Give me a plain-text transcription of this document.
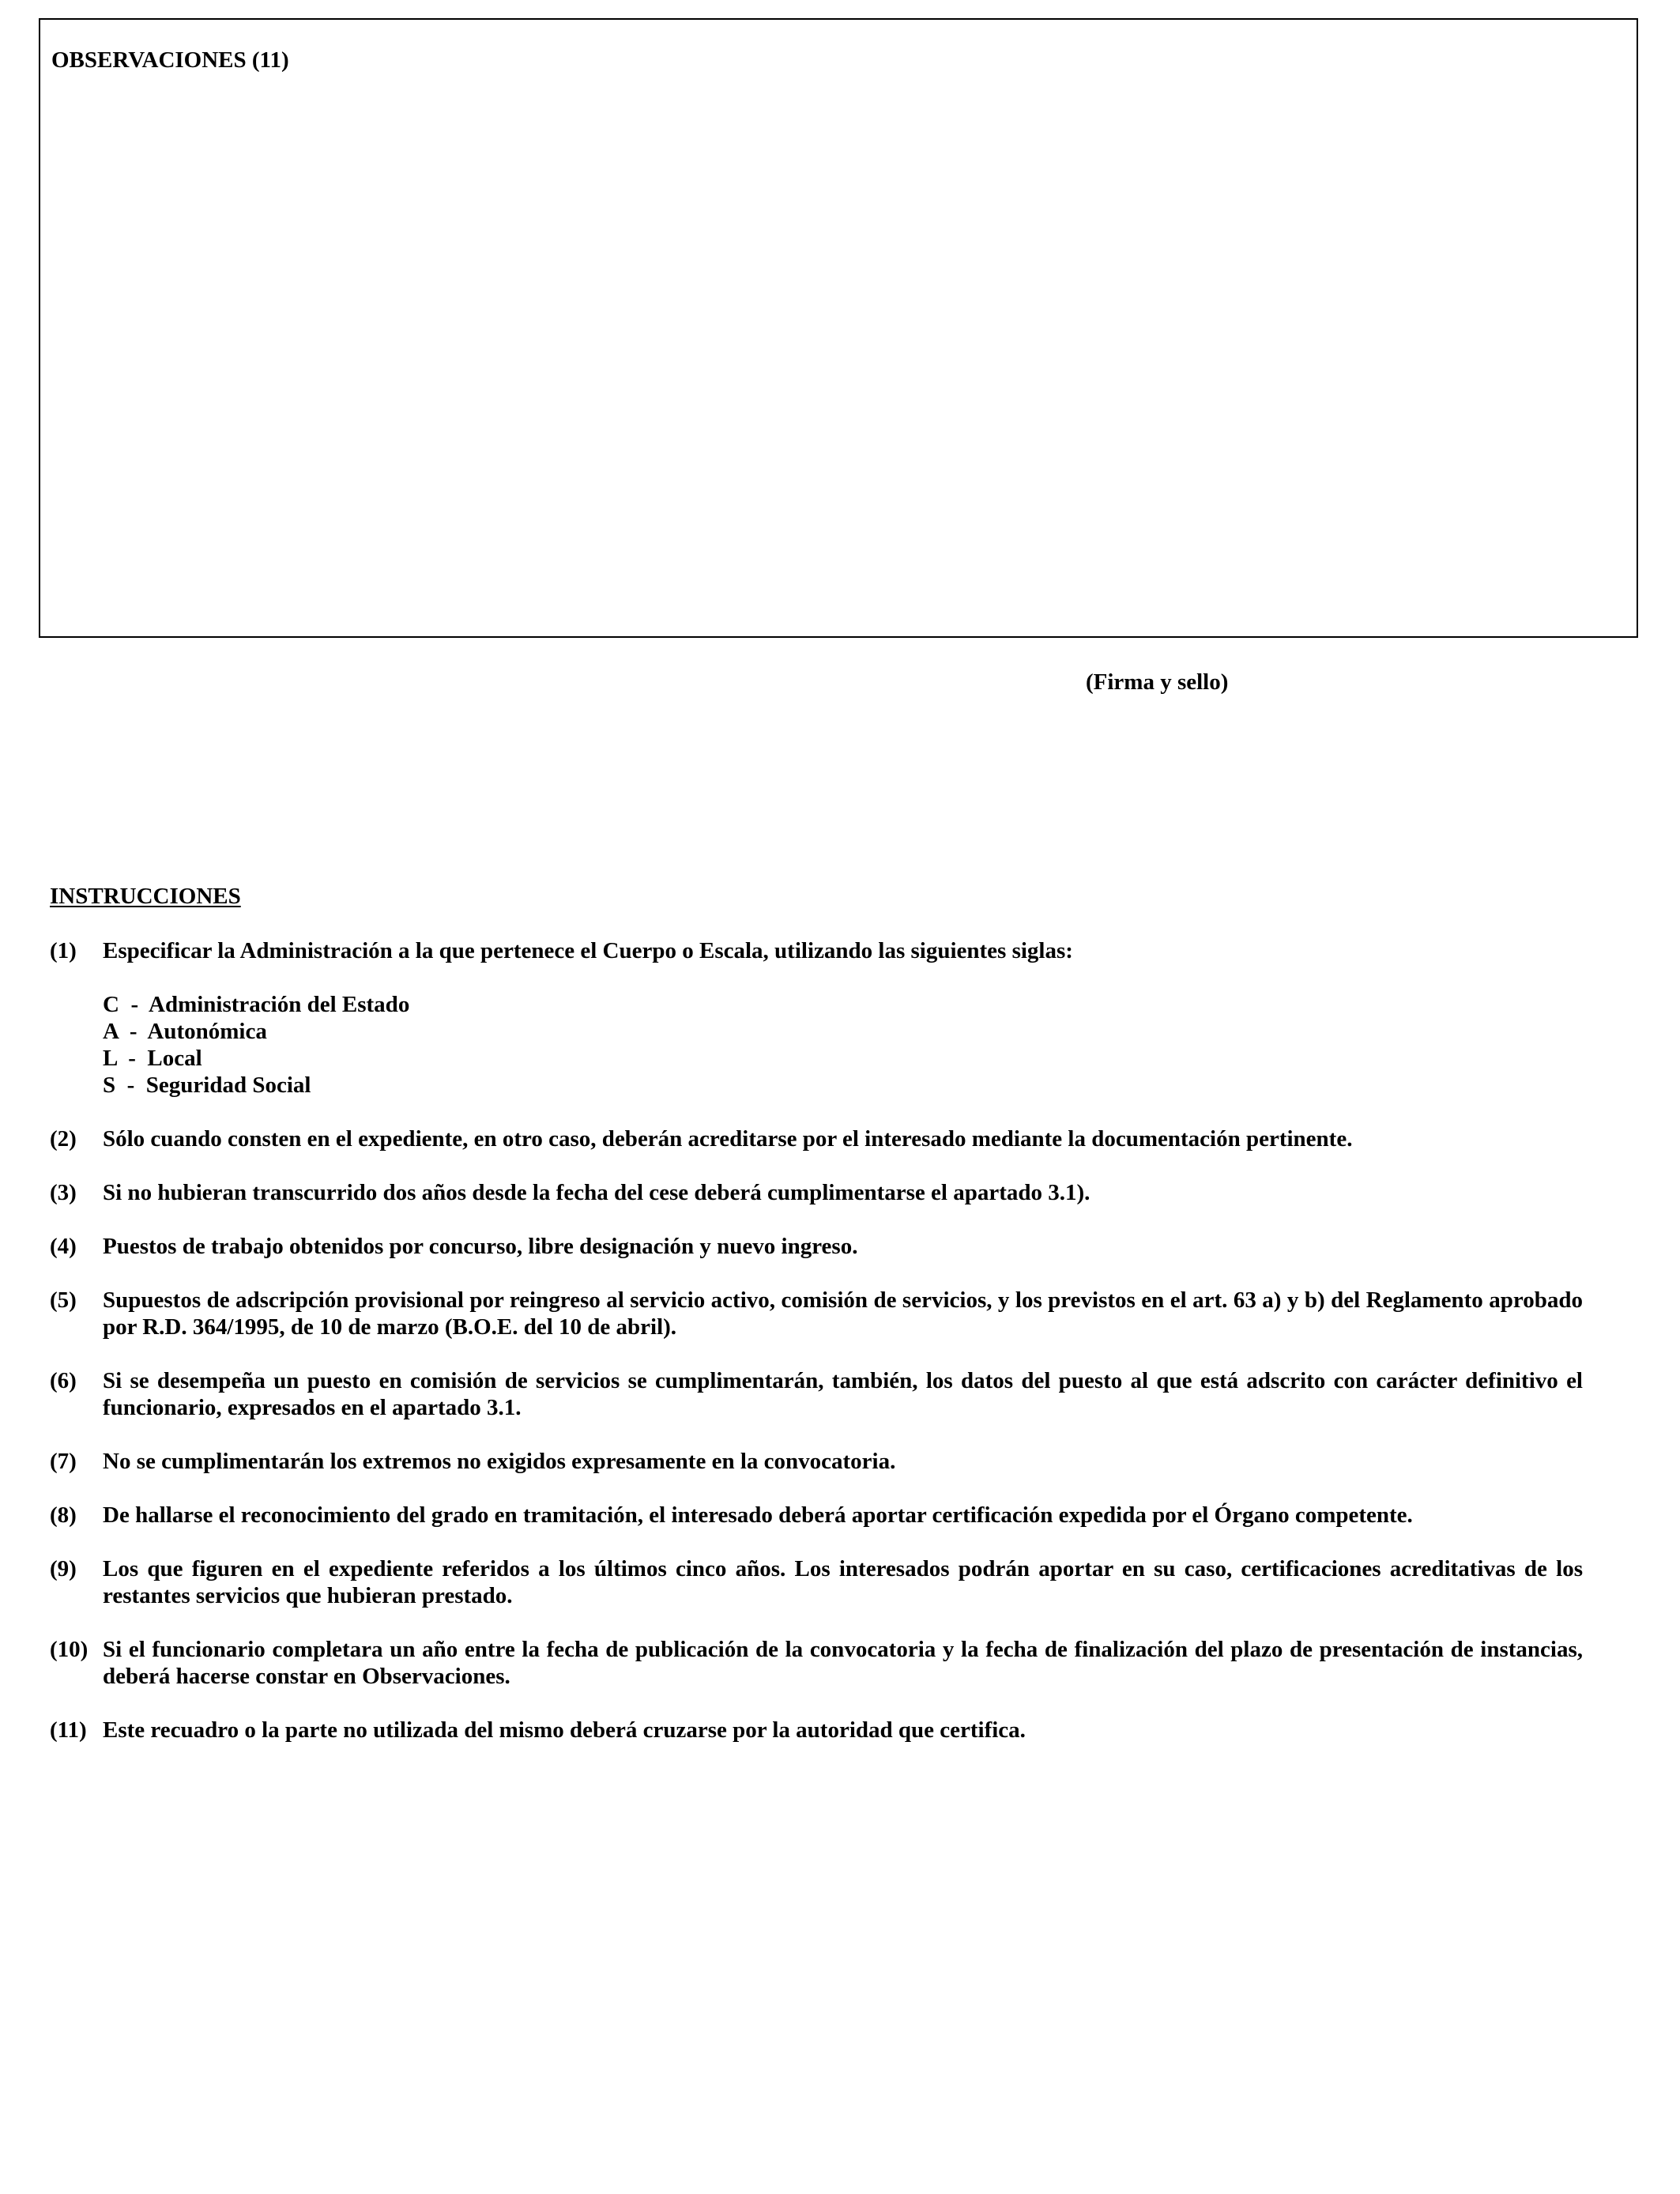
OBSERVACIONES (11)
(Firma y sello)
INSTRUCCIONES
(1) Especificar la Administración a la que pertenece el Cuerpo o Escala, utilizando las siguientes siglas:
C  -  Administración del Estado
A  -  Autonómica
L  -  Local
S  -  Seguridad Social
(2) Sólo cuando consten en el expediente, en otro caso, deberán acreditarse por el interesado mediante la documentación pertinente.
(3) Si no hubieran transcurrido dos años desde la fecha del cese deberá cumplimentarse el apartado 3.1).
(4) Puestos de trabajo obtenidos por concurso, libre designación y nuevo ingreso.
(5) Supuestos de adscripción provisional por reingreso al servicio activo, comisión de servicios, y los previstos en el art. 63 a) y b) del Reglamento aprobado por R.D. 364/1995, de 10 de marzo (B.O.E. del 10 de abril).
(6) Si se desempeña un puesto en comisión de servicios se cumplimentarán, también, los datos del puesto al que está adscrito con carácter definitivo el funcionario, expresados en el apartado 3.1.
(7) No se cumplimentarán los extremos no exigidos expresamente en la convocatoria.
(8) De hallarse el reconocimiento del grado en tramitación, el interesado deberá aportar certificación expedida por el Órgano competente.
(9) Los que figuren en el expediente referidos a los últimos cinco años. Los interesados podrán aportar en su caso, certificaciones acreditativas de los restantes servicios que hubieran prestado.
(10) Si el funcionario completara un año entre la fecha de publicación de la convocatoria y la fecha de finalización del plazo de presentación de instancias, deberá hacerse constar en Observaciones.
(11) Este recuadro o la parte no utilizada del mismo deberá cruzarse por la autoridad que certifica.
